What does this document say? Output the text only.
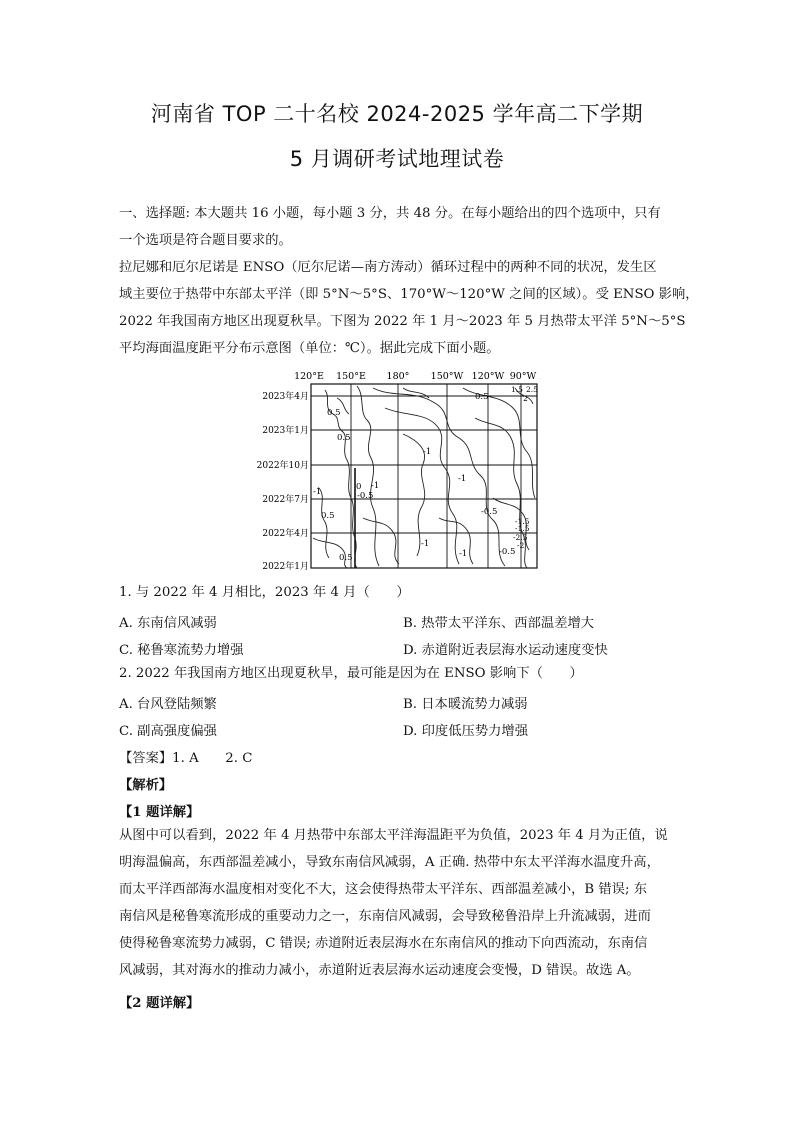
河南省 TOP 二十名校 2024-2025 学年高二下学期
5 月调研考试地理试卷
一、选择题: 本大题共 16 小题，每小题 3 分，共 48 分。在每小题给出的四个选项中，只有
一个选项是符合题目要求的。
拉尼娜和厄尔尼诺是 ENSO（厄尔尼诺—南方涛动）循环过程中的两种不同的状况，发生区
域主要位于热带中东部太平洋（即 5°N～5°S、170°W～120°W 之间的区域）。受 ENSO 影响，
2022 年我国南方地区出现夏秋旱。下图为 2022 年 1 月～2023 年 5 月热带太平洋 5°N～5°S
平均海面温度距平分布示意图（单位：℃）。据此完成下面小题。
120°E 150°E 180° 150°W 120°W 90°W
2023年4月
2023年1月
2022年10月
2022年7月
2022年4月
2022年1月
0.5
0.5
-1
-1
0
-1	-0.5
0.5
-1
-0.5
-1
-1	-0.5
0.5
0.5
1.5 2.5
2
-1.5
-2.5
-2
-1.5
1. 与 2022 年 4 月相比，2023 年 4 月（　　）
A. 东南信风减弱	B. 热带太平洋东、西部温差增大
C. 秘鲁寒流势力增强	D. 赤道附近表层海水运动速度变快
2. 2022 年我国南方地区出现夏秋旱，最可能是因为在 ENSO 影响下（　　）
A. 台风登陆频繁	B. 日本暖流势力减弱
C. 副高强度偏强	D. 印度低压势力增强
【答案】1. A　　2. C
【解析】
【1 题详解】
从图中可以看到，2022 年 4 月热带中东部太平洋海温距平为负值，2023 年 4 月为正值，说
明海温偏高，东西部温差减小，导致东南信风减弱，A 正确. 热带中东太平洋海水温度升高，
而太平洋西部海水温度相对变化不大，这会使得热带太平洋东、西部温差减小，B 错误; 东
南信风是秘鲁寒流形成的重要动力之一，东南信风减弱，会导致秘鲁沿岸上升流减弱，进而
使得秘鲁寒流势力减弱，C 错误; 赤道附近表层海水在东南信风的推动下向西流动，东南信
风减弱，其对海水的推动力减小，赤道附近表层海水运动速度会变慢，D 错误。故选 A。
【2 题详解】
